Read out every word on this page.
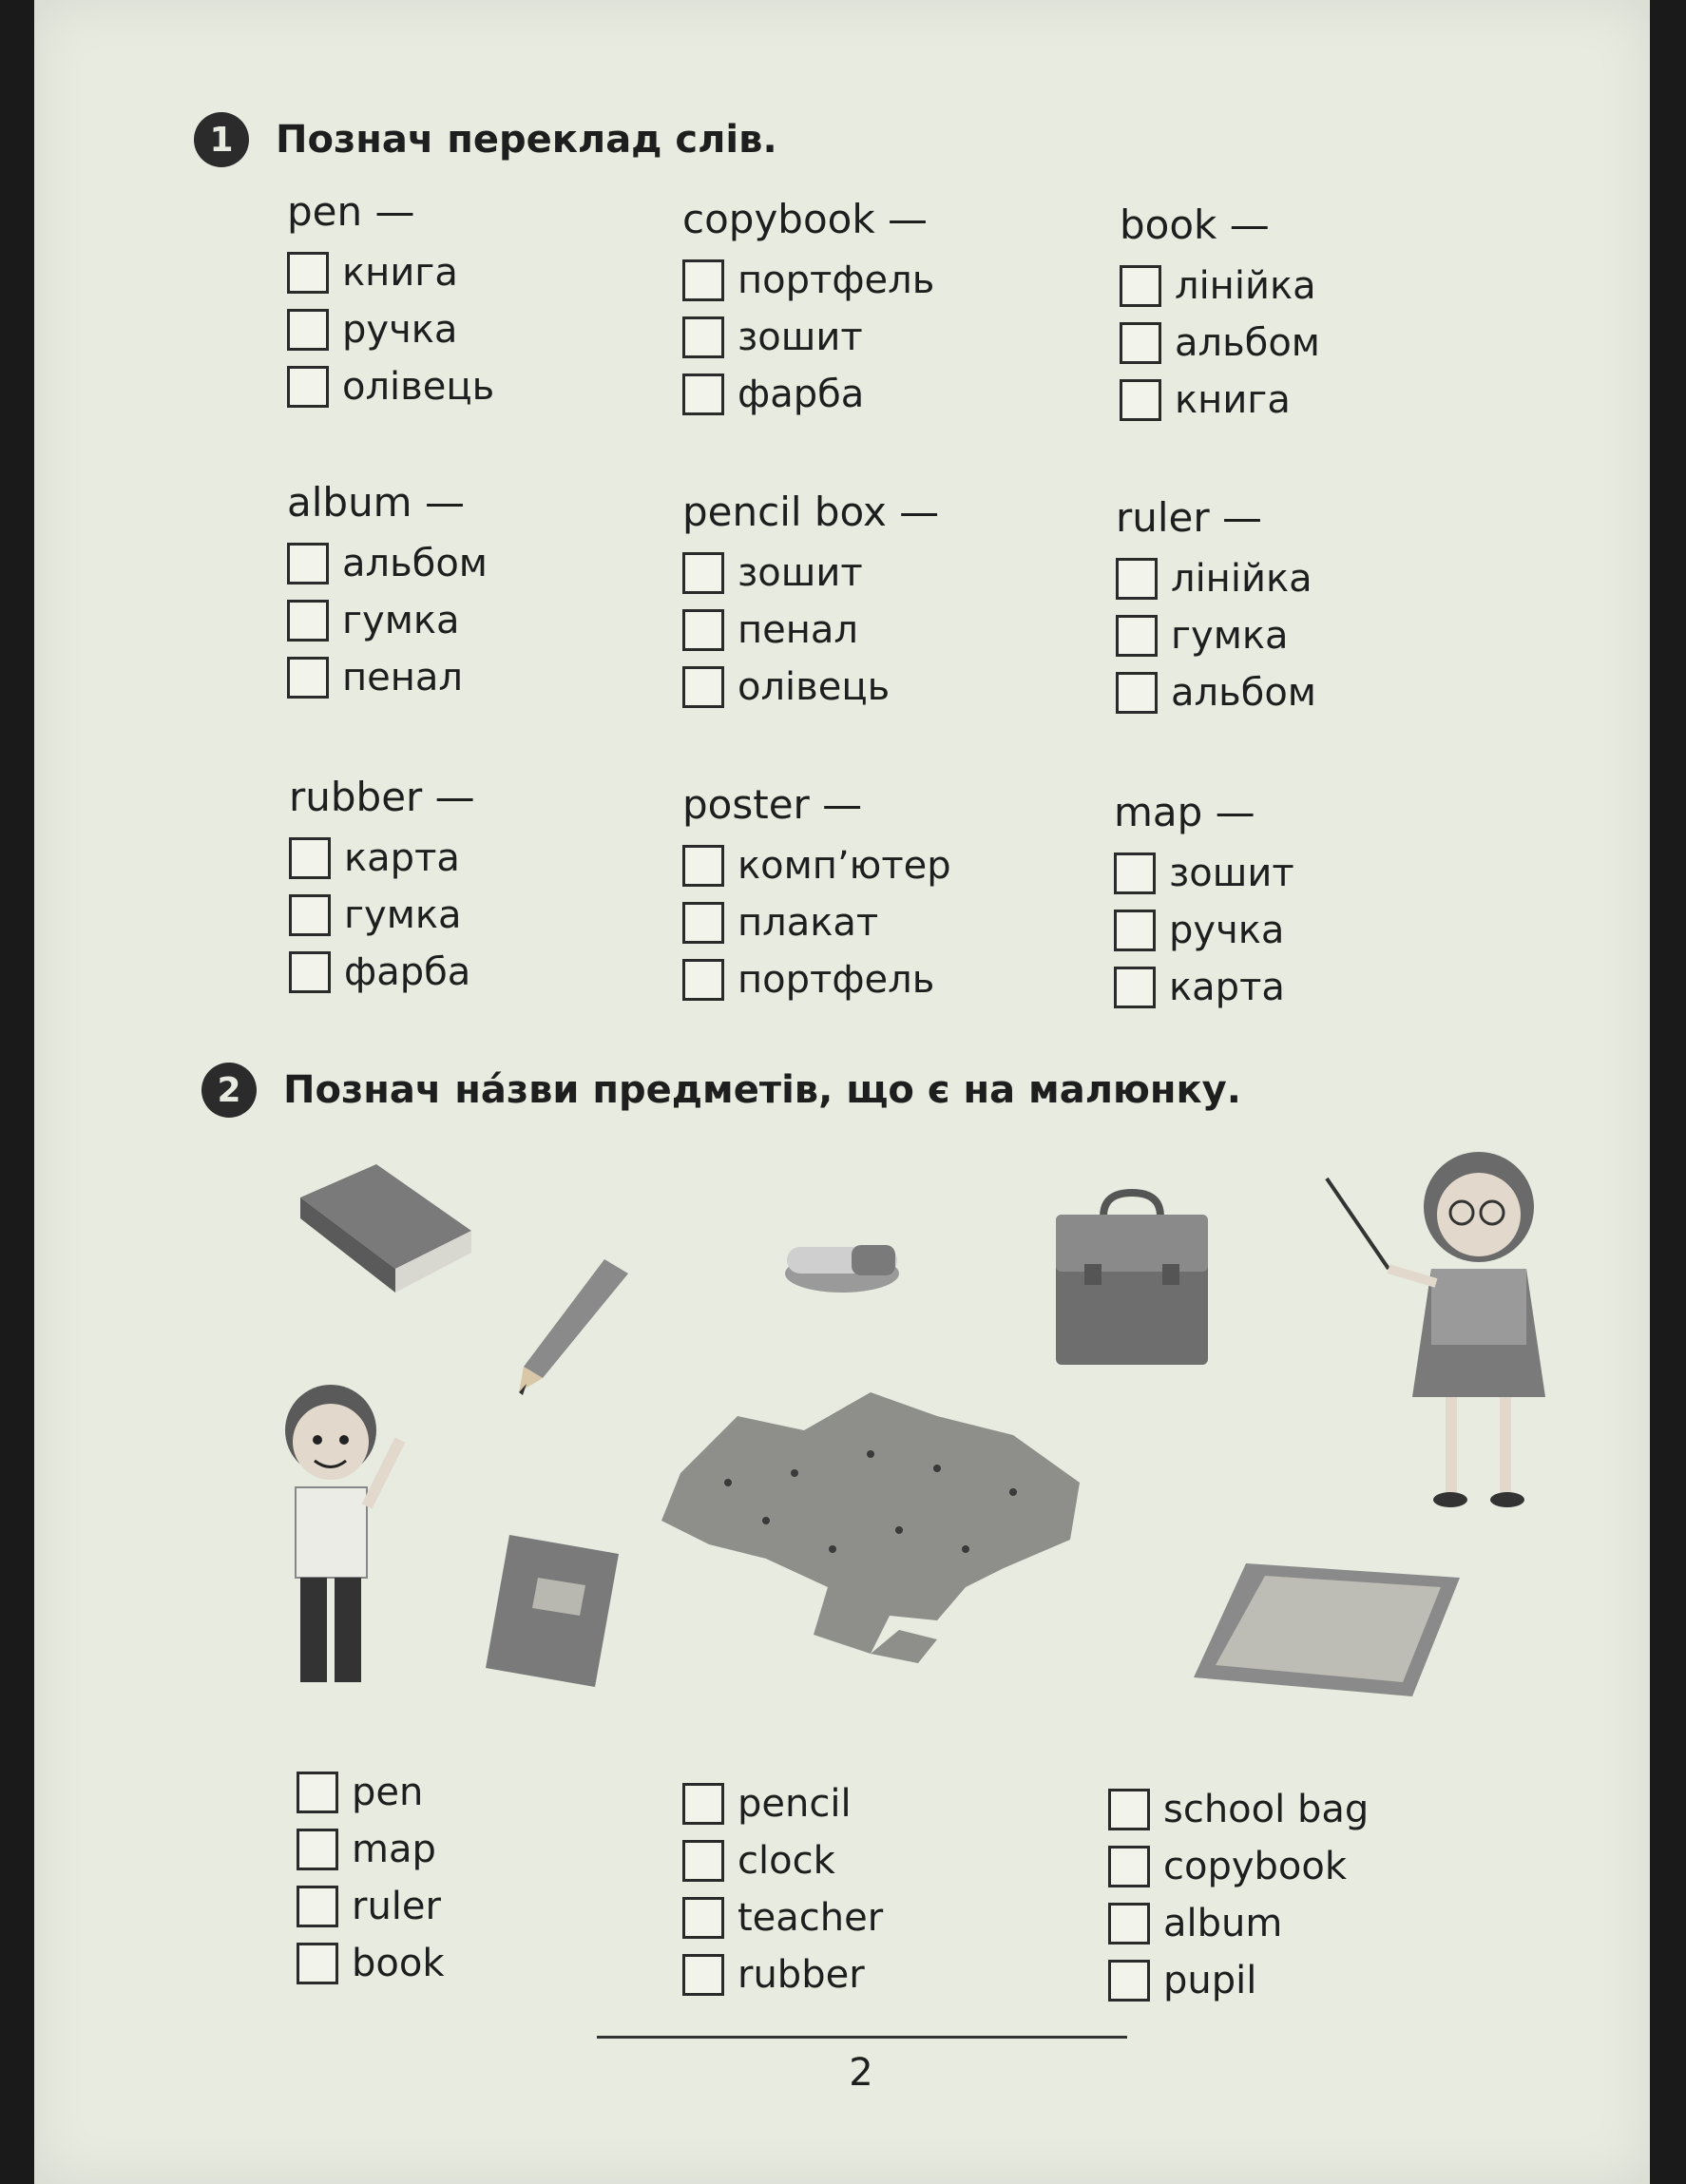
1	Познач переклад слів.
pen —
книга
ручка
олівець
copybook —
портфель
зошит
фарба
book —
лінійка
альбом
книга
album —
альбом
гумка
пенал
pencil box —
зошит
пенал
олівець
ruler —
лінійка
гумка
альбом
rubber —
карта
гумка
фарба
poster —
комп’ютер
плакат
портфель
map —
зошит
ручка
карта
2	Познач на́зви предметів, що є на малюнку.
pen
map
ruler
book
pencil
clock
teacher
rubber
school bag
copybook
album
pupil
2
